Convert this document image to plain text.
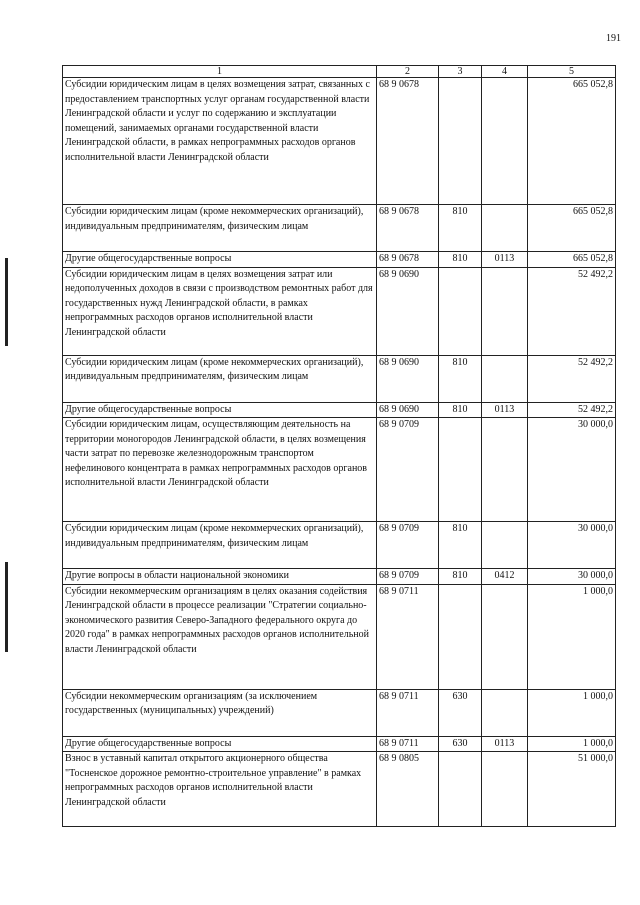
191
1	2	3	4	5
Субсидии юридическим лицам в целях возмещения затрат, связанных с предоставлением транспортных услуг органам государственной власти Ленинградской области и услуг по содержанию и эксплуатации помещений, занимаемых органами государственной власти Ленинградской области, в рамках непрограммных расходов органов исполнительной власти Ленинградской области	68 9 0678			665 052,8
Субсидии юридическим лицам (кроме некоммерческих организаций), индивидуальным предпринимателям, физическим лицам	68 9 0678	810		665 052,8
Другие общегосударственные вопросы	68 9 0678	810	0113	665 052,8
Субсидии юридическим лицам в целях возмещения затрат или недополученных доходов в связи с производством ремонтных работ для государственных нужд Ленинградской области, в рамках непрограммных расходов органов исполнительной власти Ленинградской области	68 9 0690			52 492,2
Субсидии юридическим лицам (кроме некоммерческих организаций), индивидуальным предпринимателям, физическим лицам	68 9 0690	810		52 492,2
Другие общегосударственные вопросы	68 9 0690	810	0113	52 492,2
Субсидии юридическим лицам, осуществляющим деятельность на территории моногородов Ленинградской области, в целях возмещения части затрат по перевозке железнодорожным транспортом нефелинового концентрата в рамках непрограммных расходов органов исполнительной власти Ленинградской области	68 9 0709			30 000,0
Субсидии юридическим лицам (кроме некоммерческих организаций), индивидуальным предпринимателям, физическим лицам	68 9 0709	810		30 000,0
Другие вопросы в области национальной экономики	68 9 0709	810	0412	30 000,0
Субсидии некоммерческим организациям в целях оказания содействия Ленинградской области в процессе реализации "Стратегии социально-экономического развития Северо-Западного федерального округа до 2020 года" в рамках непрограммных расходов органов исполнительной власти Ленинградской области	68 9 0711			1 000,0
Субсидии некоммерческим организациям (за исключением государственных (муниципальных) учреждений)	68 9 0711	630		1 000,0
Другие общегосударственные вопросы	68 9 0711	630	0113	1 000,0
Взнос в уставный капитал открытого акционерного общества "Тосненское дорожное ремонтно-строительное управление" в рамках непрограммных расходов органов исполнительной власти Ленинградской области	68 9 0805			51 000,0
